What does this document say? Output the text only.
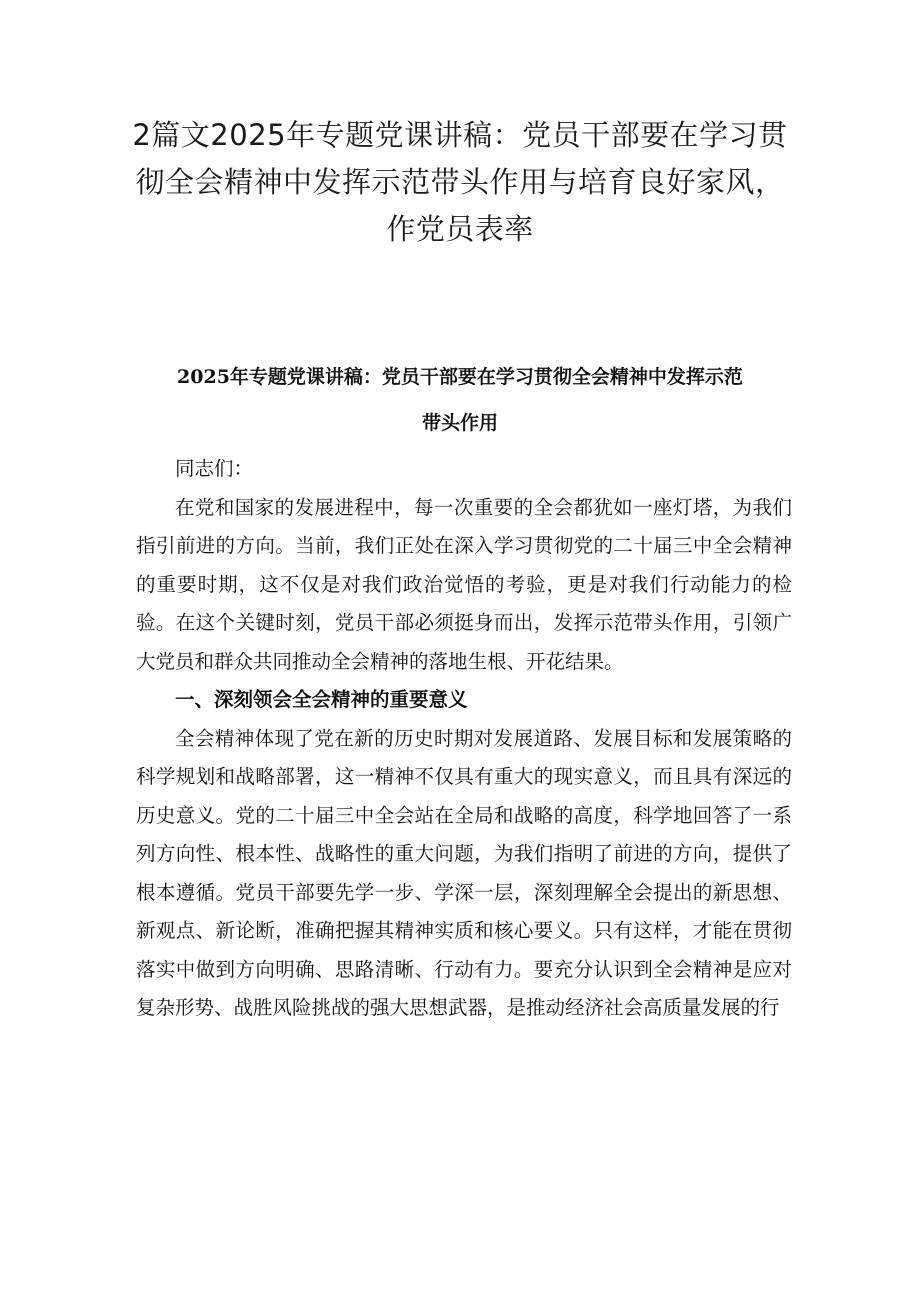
2篇文2025年专题党课讲稿：党员干部要在学习贯彻全会精神中发挥示范带头作用与培育良好家风，作党员表率
2025年专题党课讲稿：党员干部要在学习贯彻全会精神中发挥示范
带头作用

同志们：

在党和国家的发展进程中，每一次重要的全会都犹如一座灯塔，为我们指引前进的方向。当前，我们正处在深入学习贯彻党的二十届三中全会精神的重要时期，这不仅是对我们政治觉悟的考验，更是对我们行动能力的检验。在这个关键时刻，党员干部必须挺身而出，发挥示范带头作用，引领广大党员和群众共同推动全会精神的落地生根、开花结果。

一、深刻领会全会精神的重要意义

全会精神体现了党在新的历史时期对发展道路、发展目标和发展策略的科学规划和战略部署，这一精神不仅具有重大的现实意义，而且具有深远的历史意义。党的二十届三中全会站在全局和战略的高度，科学地回答了一系列方向性、根本性、战略性的重大问题，为我们指明了前进的方向，提供了根本遵循。党员干部要先学一步、学深一层，深刻理解全会提出的新思想、新观点、新论断，准确把握其精神实质和核心要义。只有这样，才能在贯彻落实中做到方向明确、思路清晰、行动有力。要充分认识到全会精神是应对复杂形势、战胜风险挑战的强大思想武器，是推动经济社会高质量发展的行
